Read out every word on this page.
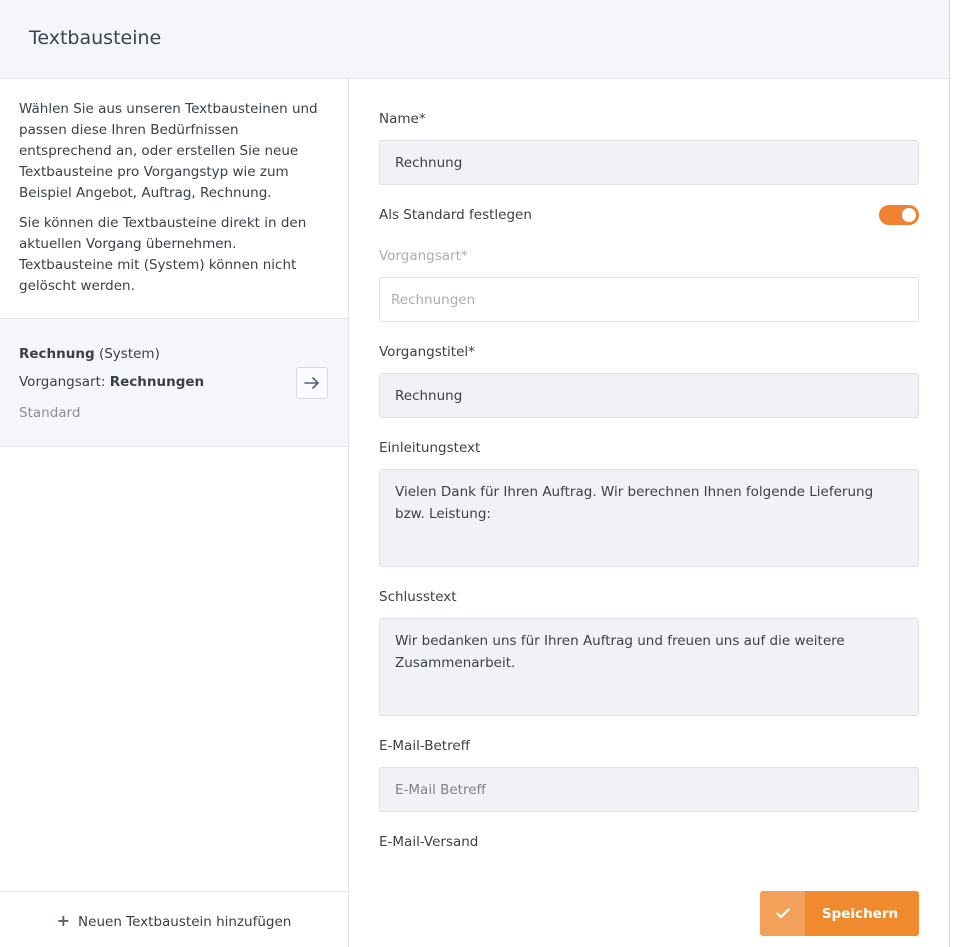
Textbausteine

Wählen Sie aus unseren Textbausteinen und passen diese Ihren Bedürfnissen entsprechend an, oder erstellen Sie neue Textbausteine pro Vorgangstyp wie zum Beispiel Angebot, Auftrag, Rechnung.

Sie können die Textbausteine direkt in den aktuellen Vorgang übernehmen. Textbausteine mit (System) können nicht gelöscht werden.

Rechnung (System)
Vorgangsart: Rechnungen
Standard
+ Neuen Textbaustein hinzufügen
Name*
Rechnung
Als Standard festlegen
Vorgangsart*
Rechnungen
Vorgangstitel*
Rechnung
Einleitungstext
Vielen Dank für Ihren Auftrag. Wir berechnen Ihnen folgende Lieferung bzw. Leistung:
Schlusstext
Wir bedanken uns für Ihren Auftrag und freuen uns auf die weitere Zusammenarbeit.
E-Mail-Betreff
E-Mail Betreff
E-Mail-Versand
Speichern
